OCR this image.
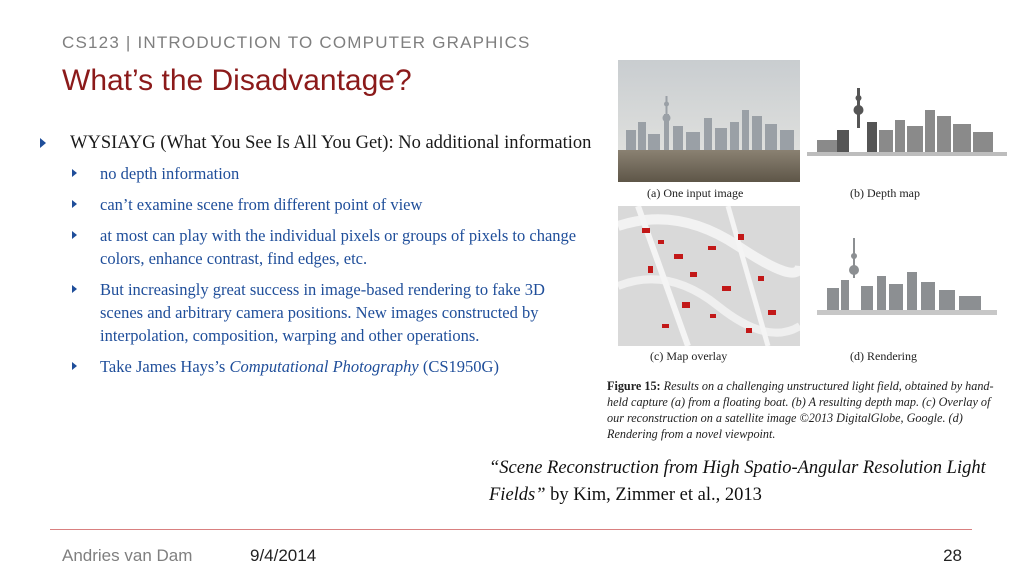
CS123 | INTRODUCTION TO COMPUTER GRAPHICS
What’s the Disadvantage?
WYSIAYG (What You See Is All You Get): No additional information
no depth information
can’t examine scene from different point of view
at most can play with the individual pixels or groups of pixels to change colors, enhance contrast, find edges, etc.
But increasingly great success in image-based rendering to fake 3D scenes and arbitrary camera positions. New images constructed by interpolation, composition, warping and other operations.
Take James Hays’s Computational Photography (CS1950G)
(a) One input image	(b) Depth map
(c) Map overlay	(d) Rendering
Figure 15: Results on a challenging unstructured light field, obtained by hand-held capture (a) from a floating boat. (b) A resulting depth map. (c) Overlay of our reconstruction on a satellite image ©2013 DigitalGlobe, Google. (d) Rendering from a novel viewpoint.
“Scene Reconstruction from High Spatio-Angular Resolution Light Fields” by Kim, Zimmer et al., 2013
Andries van Dam	9/4/2014	28
